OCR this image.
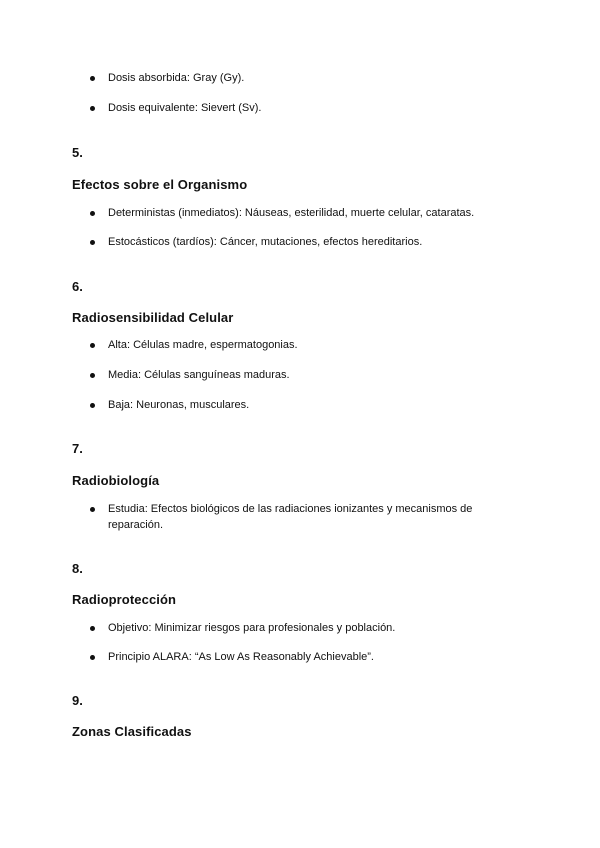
Dosis absorbida: Gray (Gy).
Dosis equivalente: Sievert (Sv).
5.
Efectos sobre el Organismo
Deterministas (inmediatos): Náuseas, esterilidad, muerte celular, cataratas.
Estocásticos (tardíos): Cáncer, mutaciones, efectos hereditarios.
6.
Radiosensibilidad Celular
Alta: Células madre, espermatogonias.
Media: Células sanguíneas maduras.
Baja: Neuronas, musculares.
7.
Radiobiología
Estudia: Efectos biológicos de las radiaciones ionizantes y mecanismos de reparación.
8.
Radioprotección
Objetivo: Minimizar riesgos para profesionales y población.
Principio ALARA: “As Low As Reasonably Achievable”.
9.
Zonas Clasificadas
